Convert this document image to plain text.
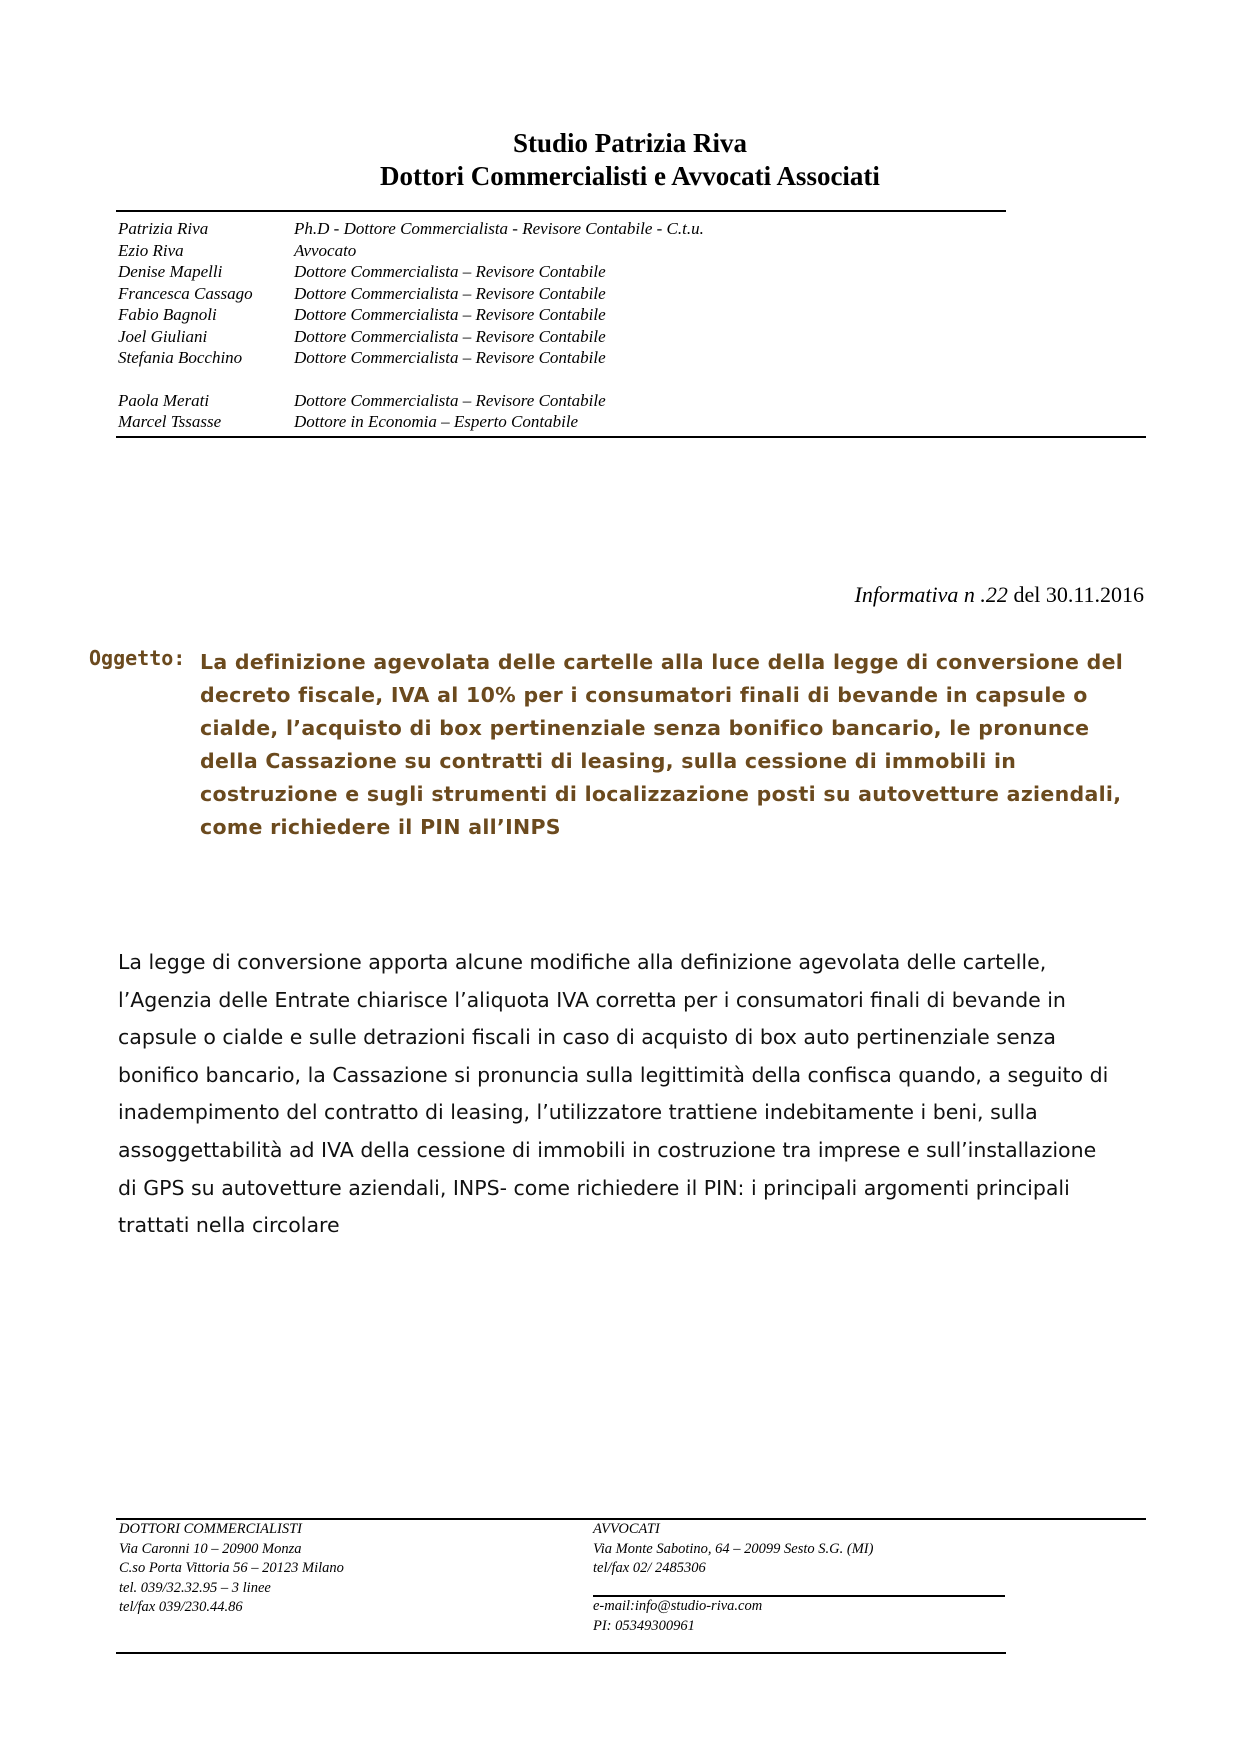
Studio Patrizia Riva
Dottori Commercialisti e Avvocati Associati
Patrizia Riva	Ph.D - Dottore Commercialista - Revisore Contabile - C.t.u.
Ezio Riva	Avvocato
Denise Mapelli	Dottore Commercialista – Revisore Contabile
Francesca Cassago Dottore Commercialista – Revisore Contabile
Fabio Bagnoli	Dottore Commercialista – Revisore Contabile
Joel Giuliani	Dottore Commercialista – Revisore Contabile
Stefania Bocchino	Dottore Commercialista – Revisore Contabile
Paola Merati	Dottore Commercialista – Revisore Contabile
Marcel Tssasse	Dottore in Economia – Esperto Contabile
Informativa n .22 del 30.11.2016
Oggetto: La definizione agevolata delle cartelle alla luce della legge di conversione del
decreto fiscale, IVA al 10% per i consumatori finali di bevande in capsule o
cialde, l’acquisto di box pertinenziale senza bonifico bancario, le pronunce
della Cassazione su contratti di leasing, sulla cessione di immobili in
costruzione e sugli strumenti di localizzazione posti su autovetture aziendali,
come richiedere il PIN all’INPS
La legge di conversione apporta alcune modifiche alla definizione agevolata delle cartelle,
l’Agenzia delle Entrate chiarisce l’aliquota IVA corretta per i consumatori finali di bevande in
capsule o cialde e sulle detrazioni fiscali in caso di acquisto di box auto pertinenziale senza
bonifico bancario, la Cassazione si pronuncia sulla legittimità della confisca quando, a seguito di
inadempimento del contratto di leasing, l’utilizzatore trattiene indebitamente i beni, sulla
assoggettabilità ad IVA della cessione di immobili in costruzione tra imprese e sull’installazione
di GPS su autovetture aziendali, INPS- come richiedere il PIN: i principali argomenti principali
trattati nella circolare
DOTTORI COMMERCIALISTI
Via Caronni 10 – 20900 Monza
C.so Porta Vittoria 56 – 20123 Milano
tel. 039/32.32.95 – 3 linee
tel/fax 039/230.44.86
AVVOCATI
Via Monte Sabotino, 64 – 20099 Sesto S.G. (MI)
tel/fax 02/ 2485306
e-mail:info@studio-riva.com
PI: 05349300961
